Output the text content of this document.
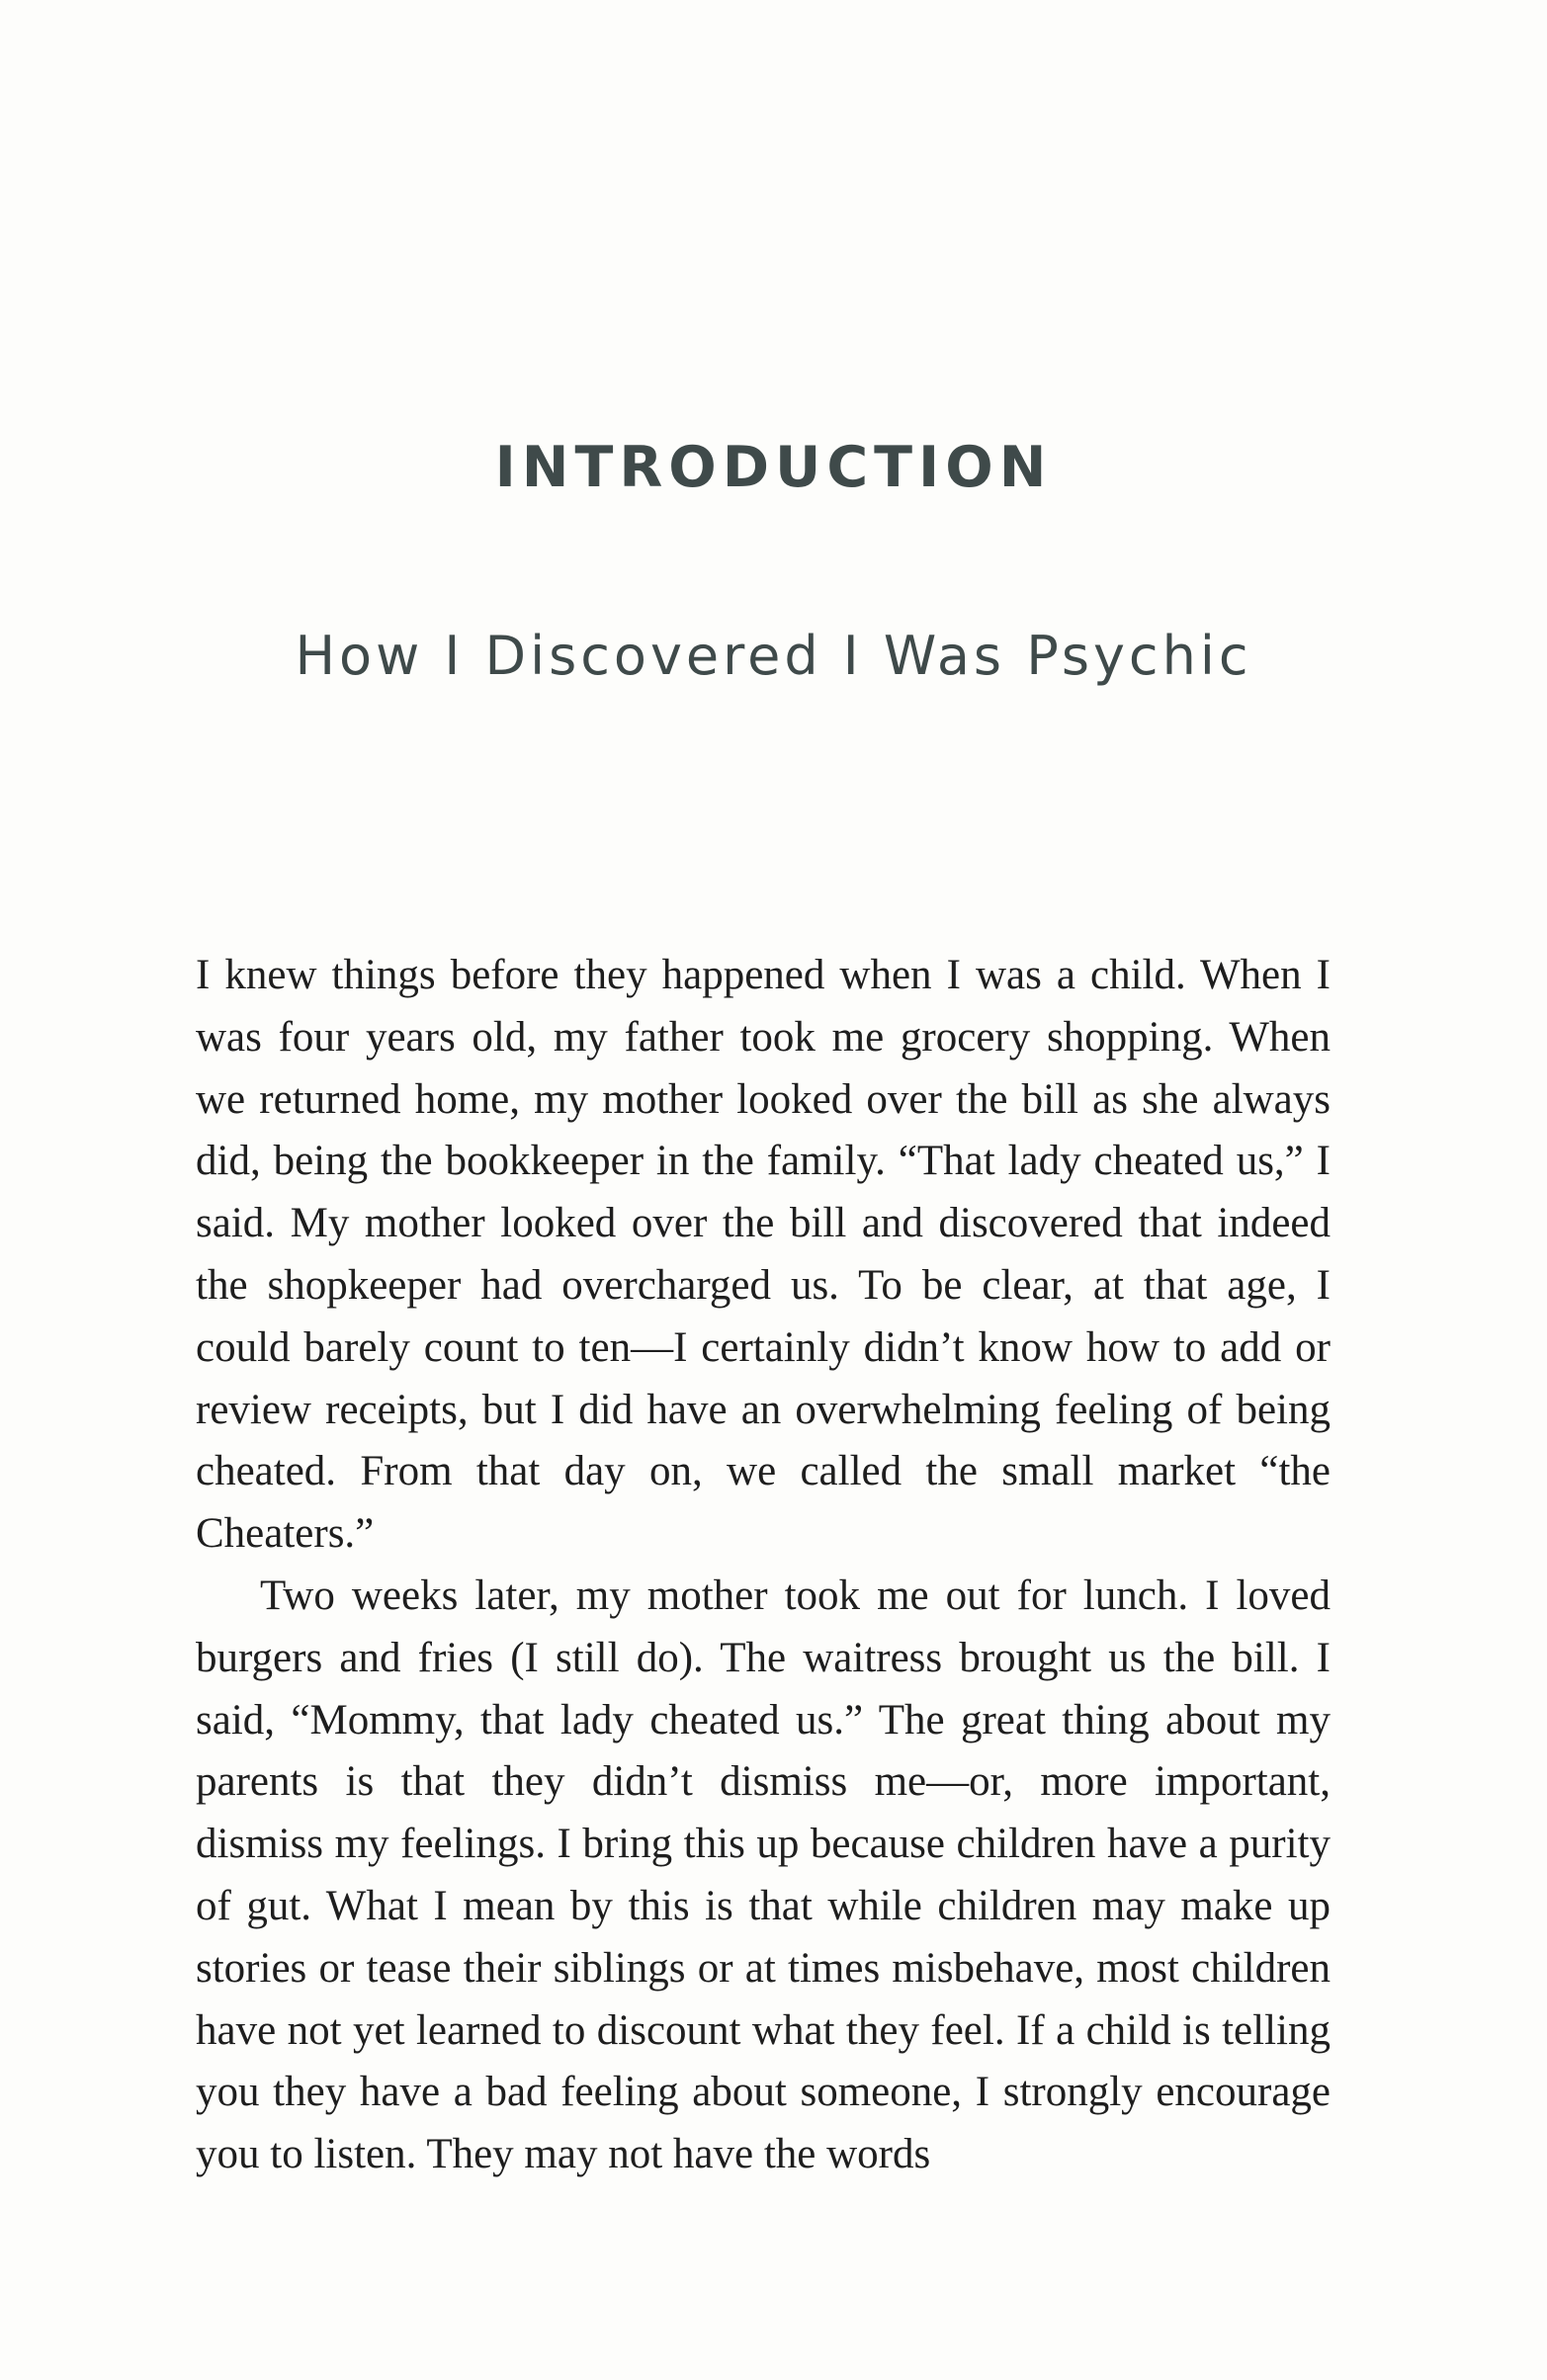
INTRODUCTION
How I Discovered I Was Psychic

I knew things before they happened when I was a child. When I was four years old, my father took me grocery shopping. When we returned home, my mother looked over the bill as she always did, being the bookkeeper in the family. “That lady cheated us,” I said. My mother looked over the bill and discovered that indeed the shopkeeper had overcharged us. To be clear, at that age, I could barely count to ten—I certainly didn’t know how to add or review receipts, but I did have an overwhelming feeling of being cheated. From that day on, we called the small market “the Cheaters.”

Two weeks later, my mother took me out for lunch. I loved burgers and fries (I still do). The waitress brought us the bill. I said, “Mommy, that lady cheated us.” The great thing about my parents is that they didn’t dismiss me—or, more important, dismiss my feelings. I bring this up because children have a purity of gut. What I mean by this is that while children may make up stories or tease their siblings or at times misbehave, most children have not yet learned to discount what they feel. If a child is telling you they have a bad feeling about someone, I strongly encourage you to listen. They may not have the words
